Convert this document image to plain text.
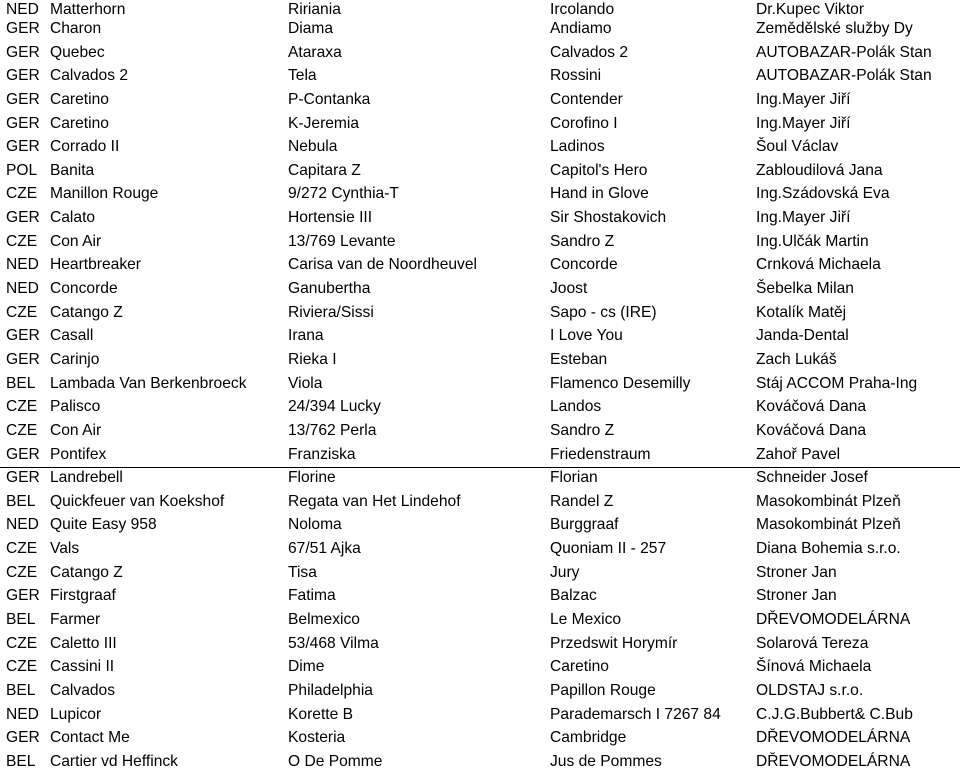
NED Matterhorn	Ririania	Ircolando	Dr.Kupec Viktor
GER Charon	Diama	Andiamo	Zemědělské služby Dy
GER Quebec	Ataraxa	Calvados 2	AUTOBAZAR-Polák Stan
GER Calvados 2	Tela	Rossini	AUTOBAZAR-Polák Stan
GER Caretino	P-Contanka	Contender	Ing.Mayer Jiří
GER Caretino	K-Jeremia	Corofino I	Ing.Mayer Jiří
GER Corrado II	Nebula	Ladinos	Šoul Václav
POL Banita	Capitara Z	Capitol's Hero	Zabloudilová Jana
CZE Manillon Rouge	9/272 Cynthia-T	Hand in Glove	Ing.Szádovská Eva
GER Calato	Hortensie III	Sir Shostakovich	Ing.Mayer Jiří
CZE Con Air	13/769 Levante	Sandro Z	Ing.Ulčák Martin
NED Heartbreaker	Carisa van de Noordheuvel	Concorde	Crnková Michaela
NED Concorde	Ganubertha	Joost	Šebelka Milan
CZE Catango Z	Riviera/Sissi	Sapo - cs (IRE)	Kotalík Matěj
GER Casall	Irana	I Love You	Janda-Dental
GER Carinjo	Rieka I	Esteban	Zach Lukáš
BEL Lambada Van Berkenbroeck	Viola	Flamenco Desemilly	Stáj ACCOM Praha-Ing
CZE Palisco	24/394 Lucky	Landos	Kováčová Dana
CZE Con Air	13/762 Perla	Sandro Z	Kováčová Dana
GER Pontifex	Franziska	Friedenstraum	Zahoř Pavel
GER Landrebell	Florine	Florian	Schneider Josef
BEL Quickfeuer van Koekshof	Regata van Het Lindehof	Randel Z	Masokombinát Plzeň
NED Quite Easy 958	Noloma	Burggraaf	Masokombinát Plzeň
CZE Vals	67/51 Ajka	Quoniam II - 257	Diana Bohemia s.r.o.
CZE Catango Z	Tisa	Jury	Stroner Jan
GER Firstgraaf	Fatima	Balzac	Stroner Jan
BEL Farmer	Belmexico	Le Mexico	DŘEVOMODELÁRNA
CZE Caletto III	53/468 Vilma	Przedswit Horymír	Solarová Tereza
CZE Cassini II	Dime	Caretino	Šínová Michaela
BEL Calvados	Philadelphia	Papillon Rouge	OLDSTAJ s.r.o.
NED Lupicor	Korette B	Parademarsch I 7267 84	C.J.G.Bubbert& C.Bub
GER Contact Me	Kosteria	Cambridge	DŘEVOMODELÁRNA
BEL Cartier vd Heffinck	O De Pomme	Jus de Pommes	DŘEVOMODELÁRNA
